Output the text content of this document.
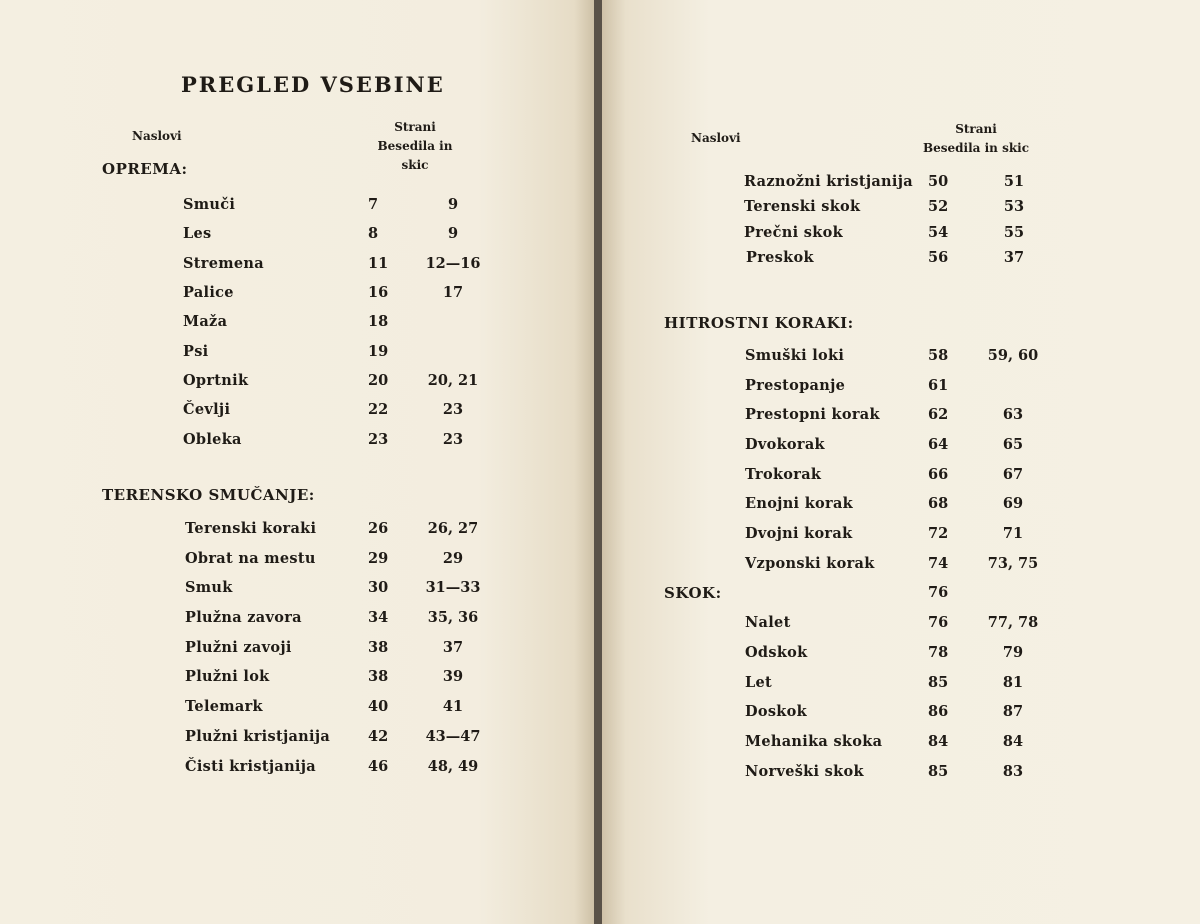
PREGLED VSEBINE
Naslovi
Strani
Besedila in skic
OPREMA:
Smuči	7	9
Les	8	9
Stremena	11	12—16
Palice	16	17
Maža	18
Psi	19
Oprtnik	20	20, 21
Čevlji	22	23
Obleka	23	23
TERENSKO SMUČANJE:
Terenski koraki	26	26, 27
Obrat na mestu	29	29
Smuk	30	31—33
Plužna zavora	34	35, 36
Plužni zavoji	38	37
Plužni lok	38	39
Telemark	40	41
Plužni kristjanija	42	43—47
Čisti kristjanija	46	48, 49
Naslovi
Strani
Besedila in skic
Raznožni kristjanija 50	51
Terenski skok	52	53
Prečni skok	54	55
Preskok	56	37
HITROSTNI KORAKI:
Smuški loki	58	59, 60
Prestopanje	61
Prestopni korak	62	63
Dvokorak	64	65
Trokorak	66	67
Enojni korak	68	69
Dvojni korak	72	71
Vzponski korak	74	73, 75
SKOK:	76
Nalet	76	77, 78
Odskok	78	79
Let	85	81
Doskok	86	87
Mehanika skoka	84	84
Norveški skok	85	83
